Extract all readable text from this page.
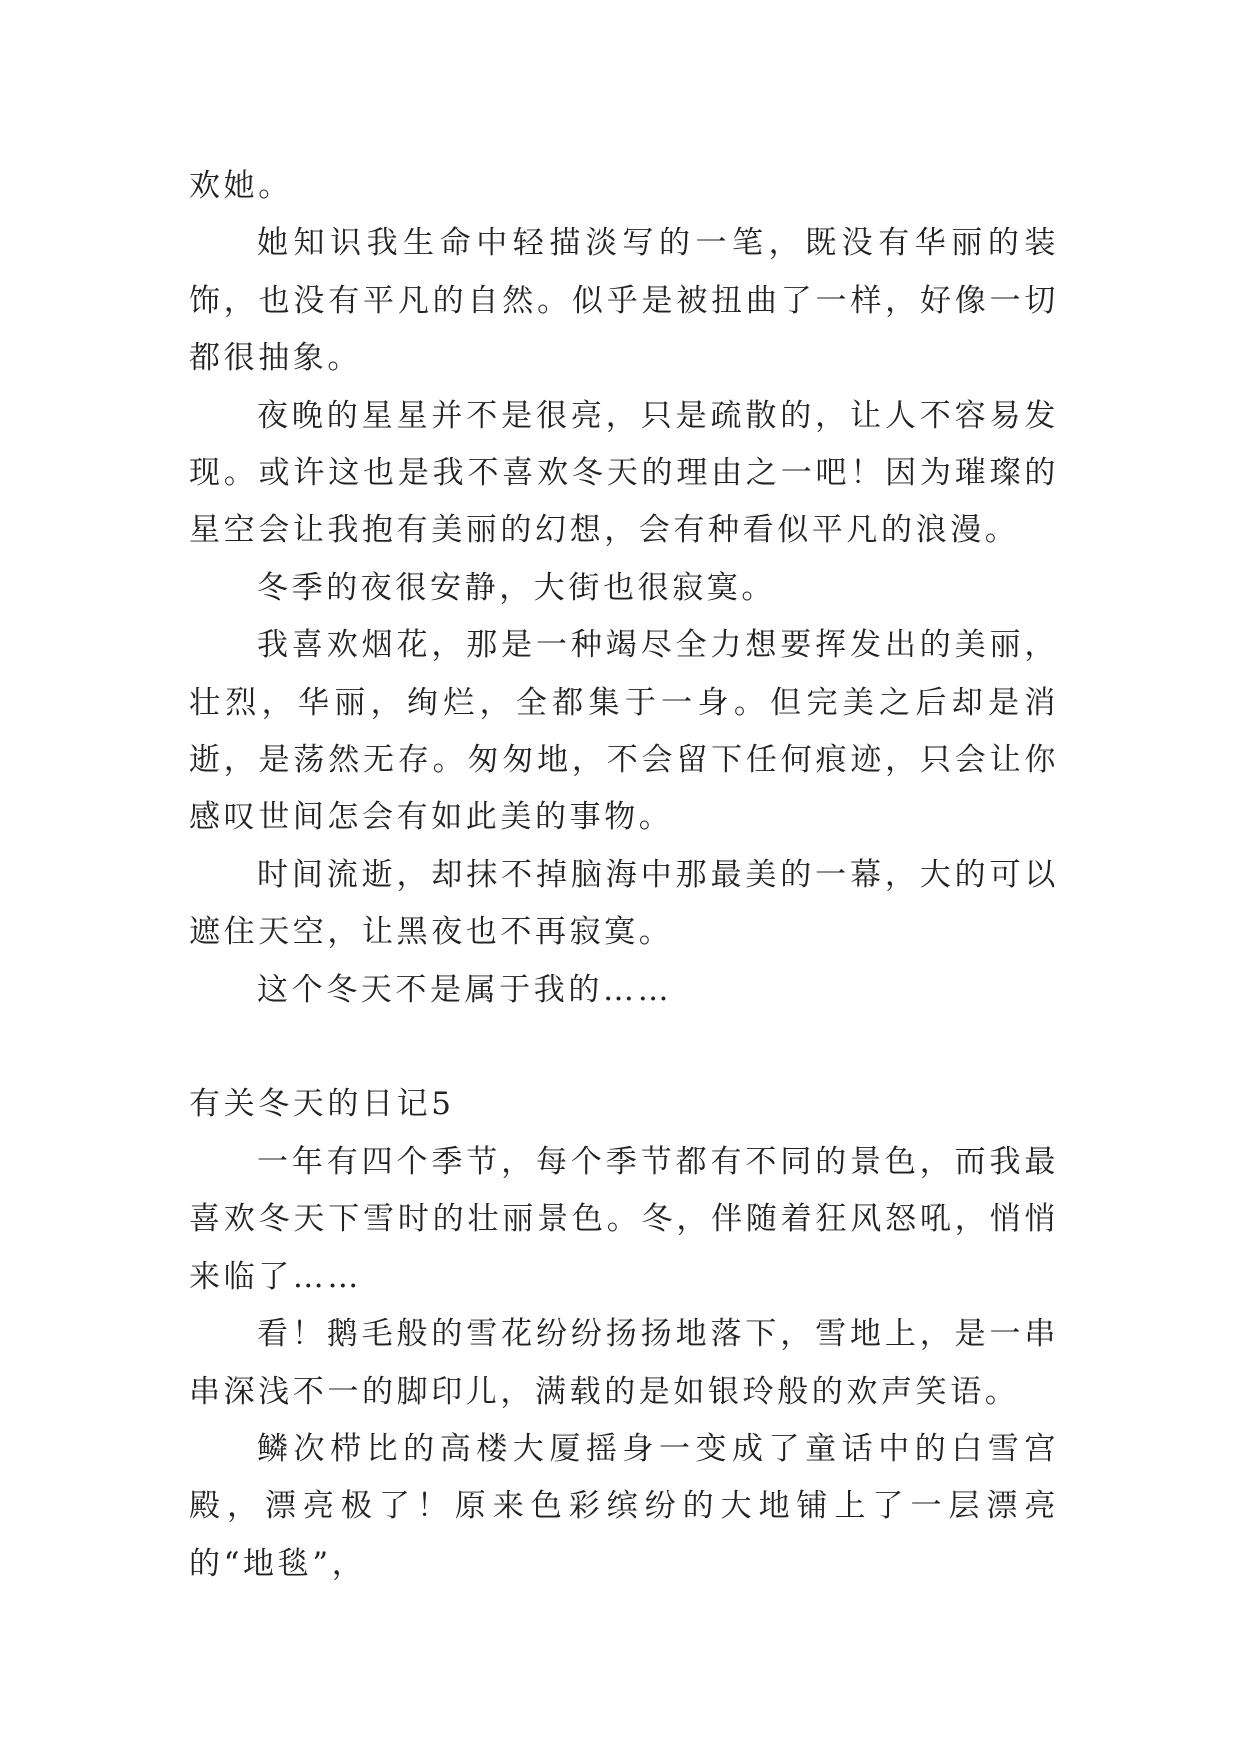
欢她。

她知识我生命中轻描淡写的一笔，既没有华丽的装饰，也没有平凡的自然。似乎是被扭曲了一样，好像一切都很抽象。

夜晚的星星并不是很亮，只是疏散的，让人不容易发现。或许这也是我不喜欢冬天的理由之一吧！因为璀璨的星空会让我抱有美丽的幻想，会有种看似平凡的浪漫。

冬季的夜很安静，大街也很寂寞。

我喜欢烟花，那是一种竭尽全力想要挥发出的美丽，壮烈，华丽，绚烂，全都集于一身。但完美之后却是消逝，是荡然无存。匆匆地，不会留下任何痕迹，只会让你感叹世间怎会有如此美的事物。

时间流逝，却抹不掉脑海中那最美的一幕，大的可以遮住天空，让黑夜也不再寂寞。

这个冬天不是属于我的……

有关冬天的日记5

一年有四个季节，每个季节都有不同的景色，而我最喜欢冬天下雪时的壮丽景色。冬，伴随着狂风怒吼，悄悄来临了……

看！鹅毛般的雪花纷纷扬扬地落下，雪地上，是一串串深浅不一的脚印儿，满载的是如银玲般的欢声笑语。

鳞次栉比的高楼大厦摇身一变成了童话中的白雪宫殿，漂亮极了！原来色彩缤纷的大地铺上了一层漂亮的“地毯”，
